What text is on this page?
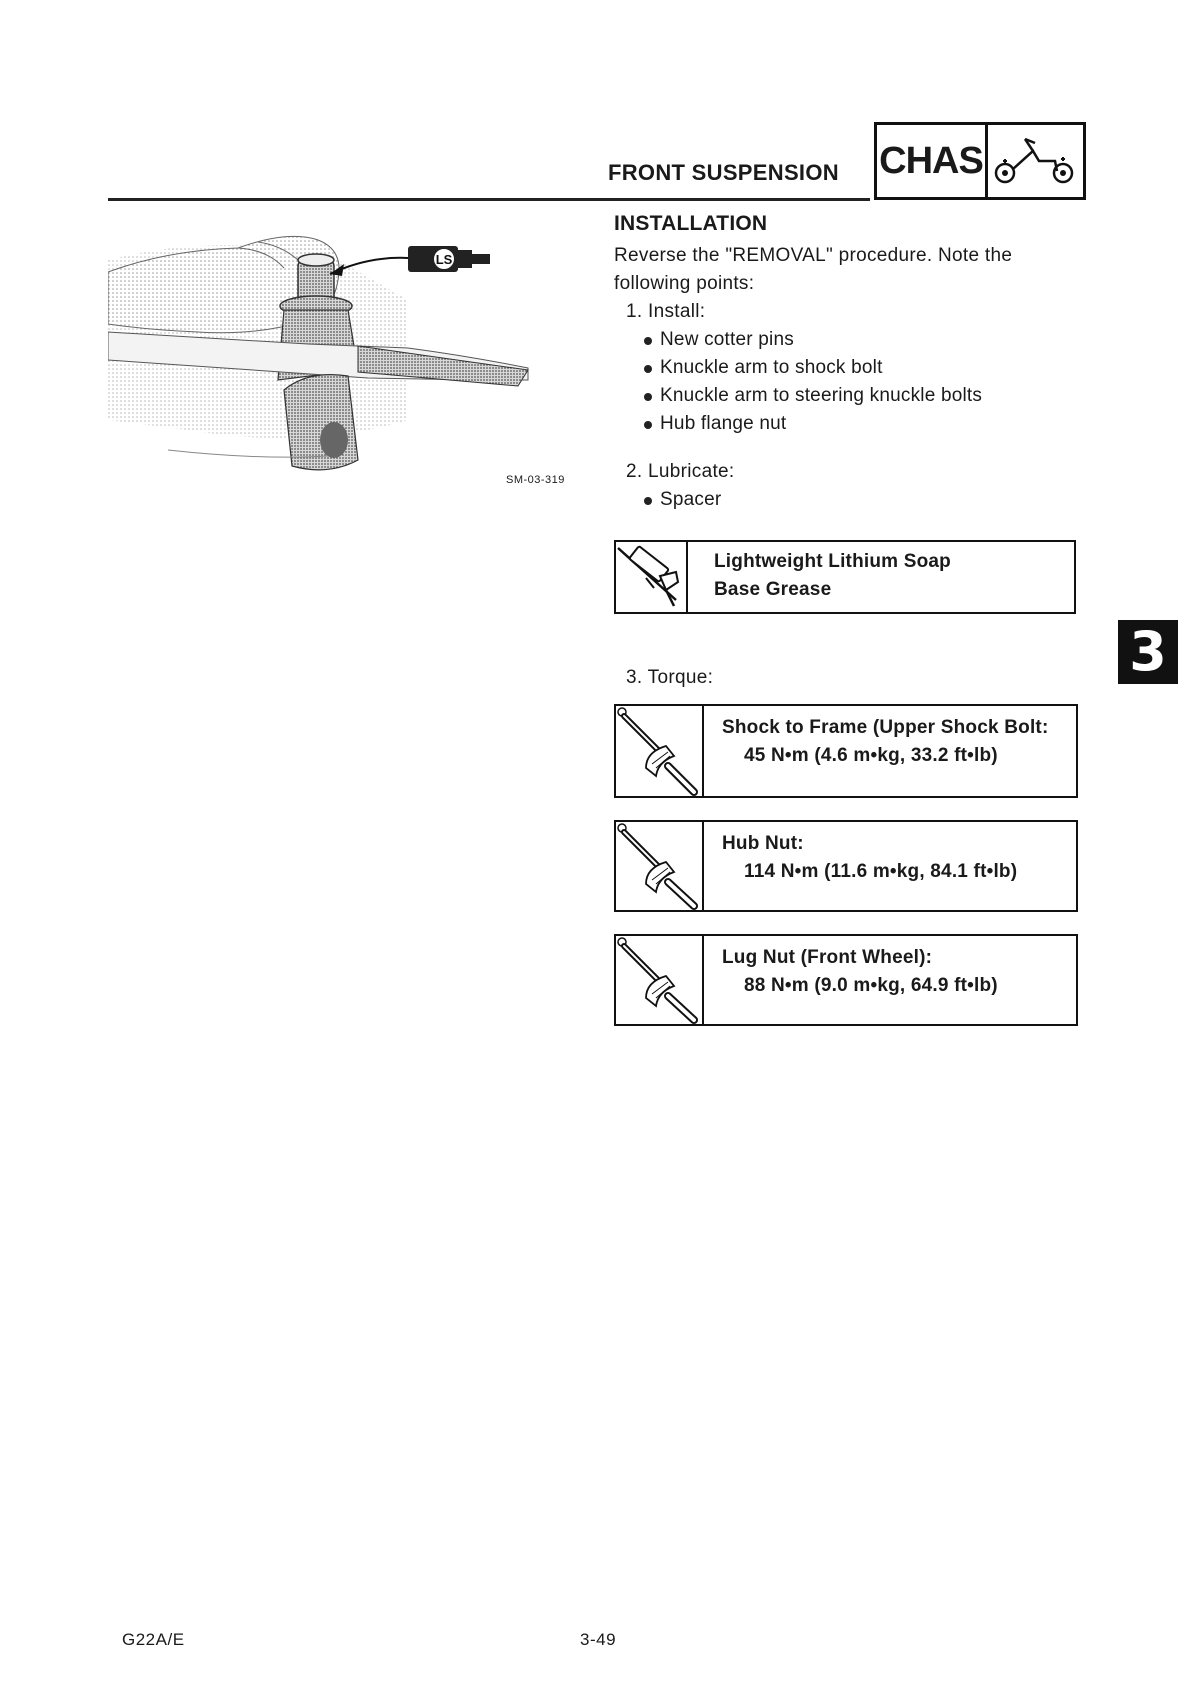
FRONT SUSPENSION CHAS
LS
SM-03-319
INSTALLATION

Reverse the "REMOVAL" procedure. Note the following points:

1. Install:
New cotter pins
Knuckle arm to shock bolt
Knuckle arm to steering knuckle bolts
Hub flange nut
2. Lubricate:
Spacer
Lightweight Lithium Soap
Base Grease
3. Torque:
Shock to Frame (Upper Shock Bolt:
45 N•m (4.6 m•kg, 33.2 ft•lb)
Hub Nut:
114 N•m (11.6 m•kg, 84.1 ft•lb)
Lug Nut (Front Wheel):
88 N•m (9.0 m•kg, 64.9 ft•lb)
3
G22A/E	3-49
